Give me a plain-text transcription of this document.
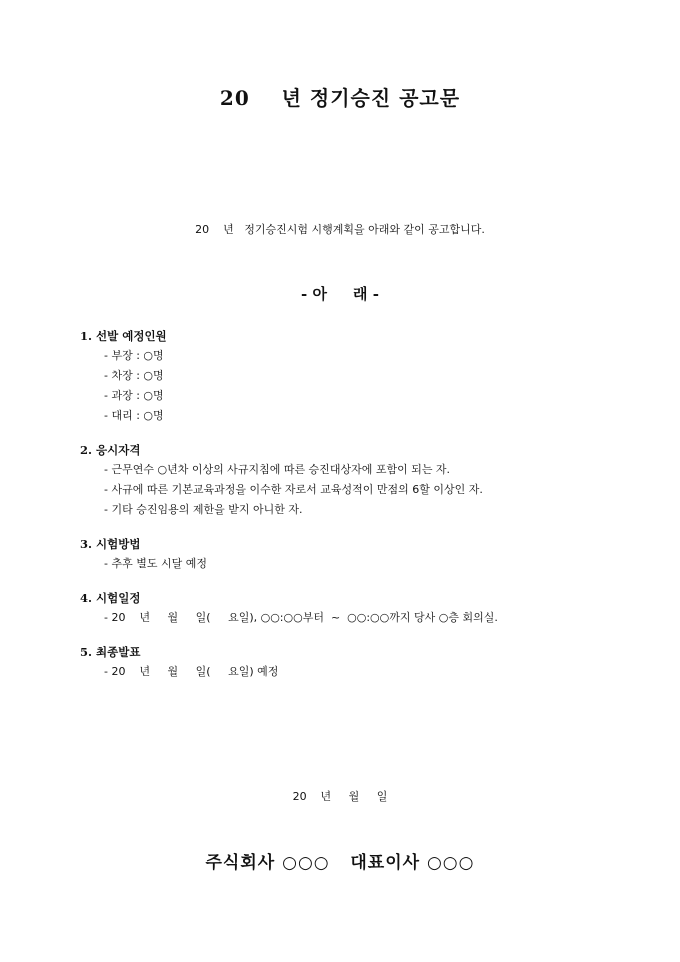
20    년 정기승진 공고문
20    년   정기승진시험 시행계획을 아래와 같이 공고합니다.
- 아     래 -
1. 선발 예정인원
- 부장 : ○명
- 차장 : ○명
- 과장 : ○명
- 대리 : ○명
2. 응시자격
- 근무연수 ○년차 이상의 사규지침에 따른 승진대상자에 포함이 되는 자.
- 사규에 따른 기본교육과정을 이수한 자로서 교육성적이 만점의 6할 이상인 자.
- 기타 승진임용의 제한을 받지 아니한 자.
3. 시험방법
- 추후 별도 시달 예정
4. 시험일정
- 20    년     월     일(     요일), ○○:○○부터  ~  ○○:○○까지 당사 ○층 회의실.
5. 최종발표
- 20    년     월     일(     요일) 예정
20    년     월     일
주식회사 ○○○   대표이사 ○○○
